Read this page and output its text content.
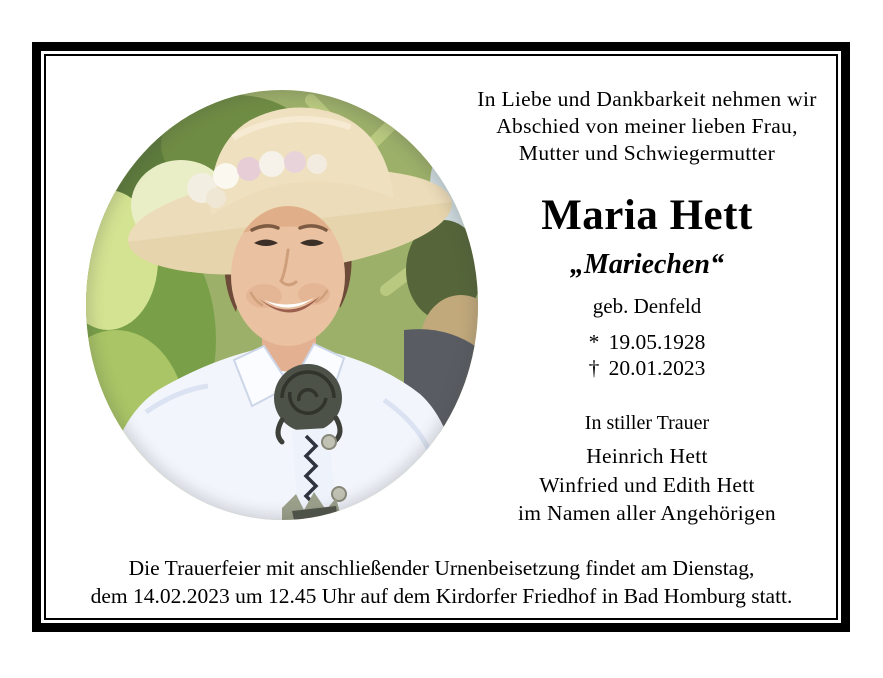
In Liebe und Dankbarkeit nehmen wir
Abschied von meiner lieben Frau,
Mutter und Schwiegermutter
Maria Hett
„Mariechen“
geb. Denfeld
* 19.05.1928
† 20.01.2023
In stiller Trauer
Heinrich Hett
Winfried und Edith Hett
im Namen aller Angehörigen
Die Trauerfeier mit anschließender Urnenbeisetzung findet am Dienstag,
dem 14.02.2023 um 12.45 Uhr auf dem Kirdorfer Friedhof in Bad Homburg statt.
